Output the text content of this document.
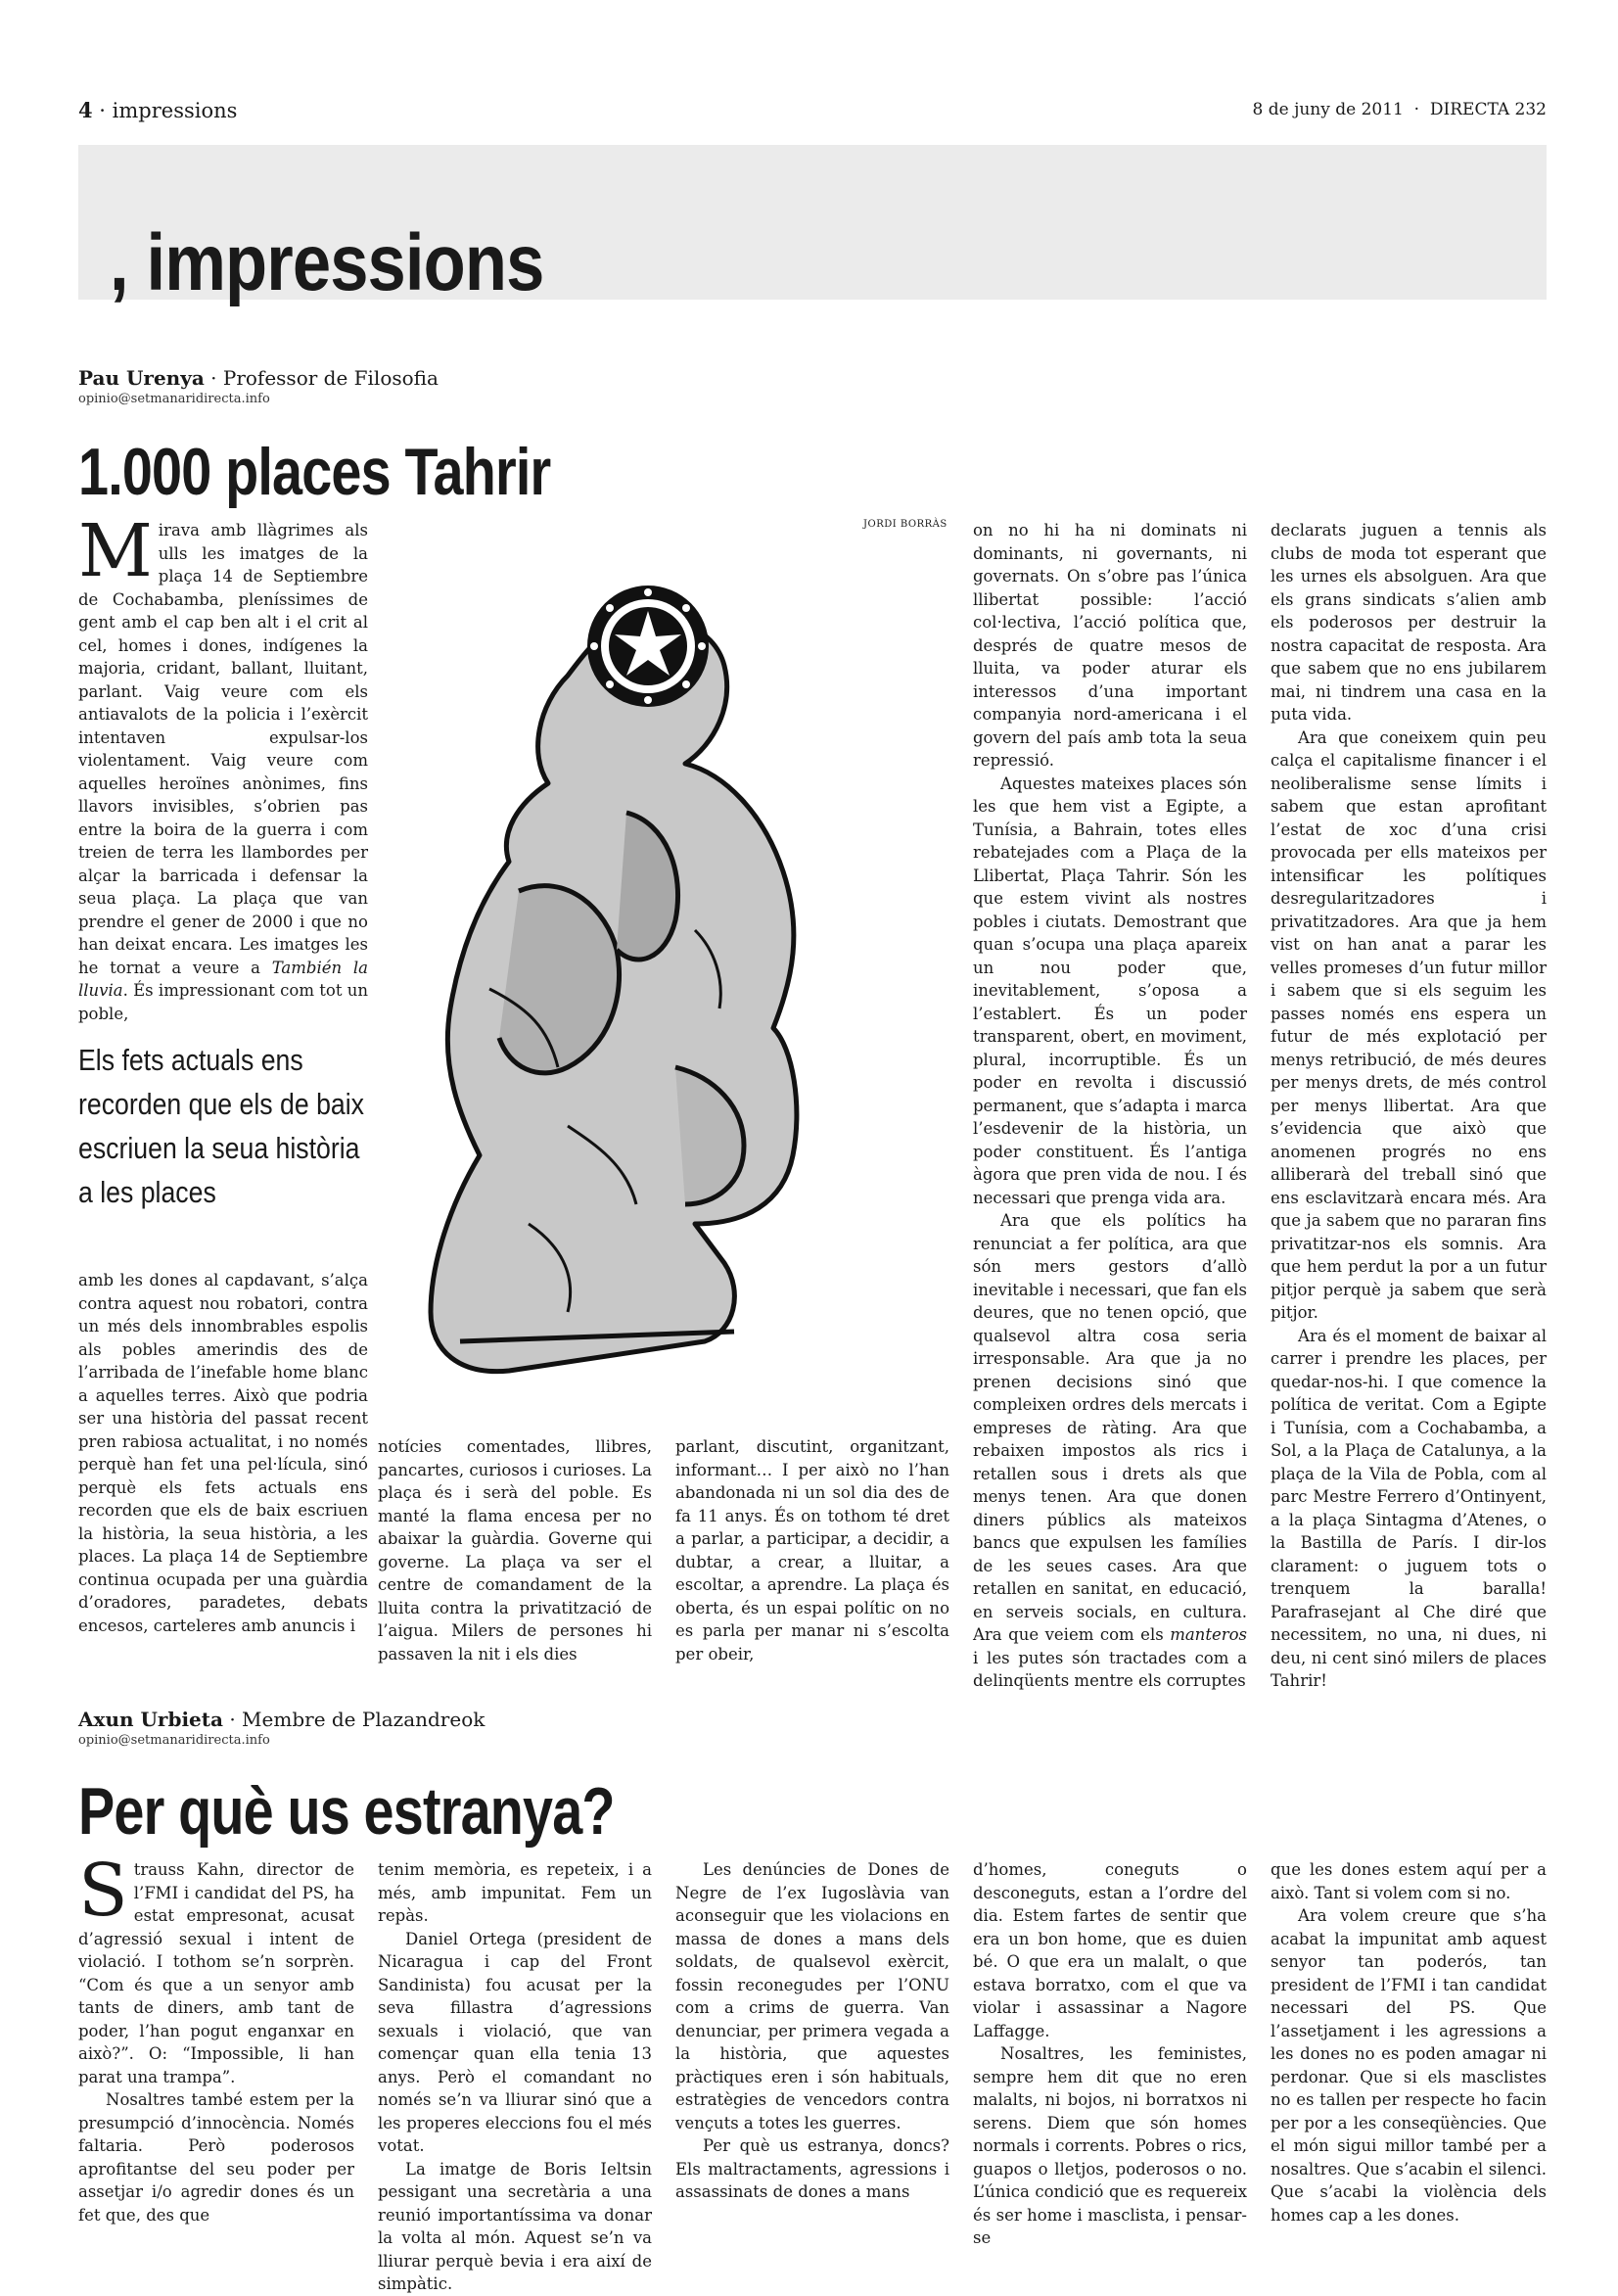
4 · impressions	8 de juny de 2011  ·  DIRECTA 232
, impressions
Pau Urenya · Professor de Filosofia
opinio@setmanaridirecta.info
1.000 places Tahrir

Mirava amb llàgrimes als ulls les imatges de la plaça 14 de Septiembre de Cochabamba, pleníssimes de gent amb el cap ben alt i el crit al cel, homes i dones, indígenes la majoria, cridant, ballant, lluitant, parlant. Vaig veure com els antiavalots de la policia i l’exèrcit intentaven expulsar-los violentament. Vaig veure com aquelles heroïnes anònimes, fins llavors invisibles, s’obrien pas entre la boira de la guerra i com treien de terra les llambordes per alçar la barricada i defensar la seua plaça. La plaça que van prendre el gener de 2000 i que no han deixat encara. Les imatges les he tornat a veure a También la lluvia. És impressionant com tot un poble,

Els fets actuals ens recorden que els de baix escriuen la seua història a les places

amb les dones al capdavant, s’alça contra aquest nou robatori, contra un més dels innombrables espolis als pobles amerindis des de l’arribada de l’inefable home blanc a aquelles terres. Això que podria ser una història del passat recent pren rabiosa actualitat, i no només perquè han fet una pel·lícula, sinó perquè els fets actuals ens recorden que els de baix escriuen la història, la seua història, a les places. La plaça 14 de Septiembre continua ocupada per una guàrdia d’oradores, paradetes, debats encesos, carteleres amb anuncis i

JORDI BORRÀS

notícies comentades, llibres, pancartes, curiosos i curioses. La plaça és i serà del poble. Es manté la flama encesa per no abaixar la guàrdia. Governe qui governe. La plaça va ser el centre de comandament de la lluita contra la privatització de l’aigua. Milers de persones hi passaven la nit i els dies

parlant, discutint, organitzant, informant… I per això no l’han abandonada ni un sol dia des de fa 11 anys. És on tothom té dret a parlar, a participar, a decidir, a dubtar, a crear, a lluitar, a escoltar, a aprendre. La plaça és oberta, és un espai polític on no es parla per manar ni s’escolta per obeir,

on no hi ha ni dominats ni dominants, ni governants, ni governats. On s’obre pas l’única llibertat possible: l’acció col·lectiva, l’acció política que, després de quatre mesos de lluita, va poder aturar els interessos d’una important companyia nord-americana i el govern del país amb tota la seua repressió.

Aquestes mateixes places són les que hem vist a Egipte, a Tunísia, a Bahrain, totes elles rebatejades com a Plaça de la Llibertat, Plaça Tahrir. Són les que estem vivint als nostres pobles i ciutats. Demostrant que quan s’ocupa una plaça apareix un nou poder que, inevitablement, s’oposa a l’establert. És un poder transparent, obert, en moviment, plural, incorruptible. És un poder en revolta i discussió permanent, que s’adapta i marca l’esdevenir de la història, un poder constituent. És l’antiga àgora que pren vida de nou. I és necessari que prenga vida ara.

Ara que els polítics ha renunciat a fer política, ara que són mers gestors d’allò inevitable i necessari, que fan els deures, que no tenen opció, que qualsevol altra cosa seria irresponsable. Ara que ja no prenen decisions sinó que compleixen ordres dels mercats i empreses de ràting. Ara que rebaixen impostos als rics i retallen sous i drets als que menys tenen. Ara que donen diners públics als mateixos bancs que expulsen les famílies de les seues cases. Ara que retallen en sanitat, en educació, en serveis socials, en cultura. Ara que veiem com els manteros i les putes són tractades com a delinqüents mentre els corruptes

declarats juguen a tennis als clubs de moda tot esperant que les urnes els absolguen. Ara que els grans sindicats s’alien amb els poderosos per destruir la nostra capacitat de resposta. Ara que sabem que no ens jubilarem mai, ni tindrem una casa en la puta vida.

Ara que coneixem quin peu calça el capitalisme financer i el neoliberalisme sense límits i sabem que estan aprofitant l’estat de xoc d’una crisi provocada per ells mateixos per intensificar les polítiques desregularitzadores i privatitzadores. Ara que ja hem vist on han anat a parar les velles promeses d’un futur millor i sabem que si els seguim les passes només ens espera un futur de més explotació per menys retribució, de més deures per menys drets, de més control per menys llibertat. Ara que s’evidencia que això que anomenen progrés no ens alliberarà del treball sinó que ens esclavitzarà encara més. Ara que ja sabem que no pararan fins privatitzar-nos els somnis. Ara que hem perdut la por a un futur pitjor perquè ja sabem que serà pitjor.

Ara és el moment de baixar al carrer i prendre les places, per quedar-nos-hi. I que comence la política de veritat. Com a Egipte i Tunísia, com a Cochabamba, a Sol, a la Plaça de Catalunya, a la plaça de la Vila de Pobla, com al parc Mestre Ferrero d’Ontinyent, a la plaça Sintagma d’Atenes, o la Bastilla de París. I dir-los clarament: o juguem tots o trenquem la baralla! Parafrasejant al Che diré que necessitem, no una, ni dues, ni deu, ni cent sinó milers de places Tahrir!

Axun Urbieta · Membre de Plazandreok
opinio@setmanaridirecta.info
Per què us estranya?

Strauss Kahn, director de l’FMI i candidat del PS, ha estat empresonat, acusat d’agressió sexual i intent de violació. I tothom se’n sorprèn. “Com és que a un senyor amb tants de diners, amb tant de poder, l’han pogut enganxar en això?”. O: “Impossible, li han parat una trampa”.

Nosaltres també estem per la presumpció d’innocència. Només faltaria. Però poderosos aprofitantse del seu poder per assetjar i/o agredir dones és un fet que, des que

tenim memòria, es repeteix, i a més, amb impunitat. Fem un repàs.

Daniel Ortega (president de Nicaragua i cap del Front Sandinista) fou acusat per la seva fillastra d’agressions sexuals i violació, que van començar quan ella tenia 13 anys. Però el comandant no només se’n va lliurar sinó que a les properes eleccions fou el més votat.

La imatge de Boris Ieltsin pessigant una secretària a una reunió importantíssima va donar la volta al món. Aquest se’n va lliurar perquè bevia i era així de simpàtic.

Les denúncies de Dones de Negre de l’ex Iugoslàvia van aconseguir que les violacions en massa de dones a mans dels soldats, de qualsevol exèrcit, fossin reconegudes per l’ONU com a crims de guerra. Van denunciar, per primera vegada a la història, que aquestes pràctiques eren i són habituals, estratègies de vencedors contra vençuts a totes les guerres.

Per què us estranya, doncs? Els maltractaments, agressions i assassinats de dones a mans

d’homes, coneguts o desconeguts, estan a l’ordre del dia. Estem fartes de sentir que era un bon home, que es duien bé. O que era un malalt, o que estava borratxo, com el que va violar i assassinar a Nagore Laffagge.

Nosaltres, les feministes, sempre hem dit que no eren malalts, ni bojos, ni borratxos ni serens. Diem que són homes normals i corrents. Pobres o rics, guapos o lletjos, poderosos o no. L’única condició que es requereix és ser home i masclista, i pensar-se

que les dones estem aquí per a això. Tant si volem com si no.

Ara volem creure que s’ha acabat la impunitat amb aquest senyor tan poderós, tan president de l’FMI i tan candidat necessari del PS. Que l’assetjament i les agressions a les dones no es poden amagar ni perdonar. Que si els masclistes no es tallen per respecte ho facin per por a les conseqüències. Que el món sigui millor també per a nosaltres. Que s’acabin el silenci. Que s’acabi la violència dels homes cap a les dones.
